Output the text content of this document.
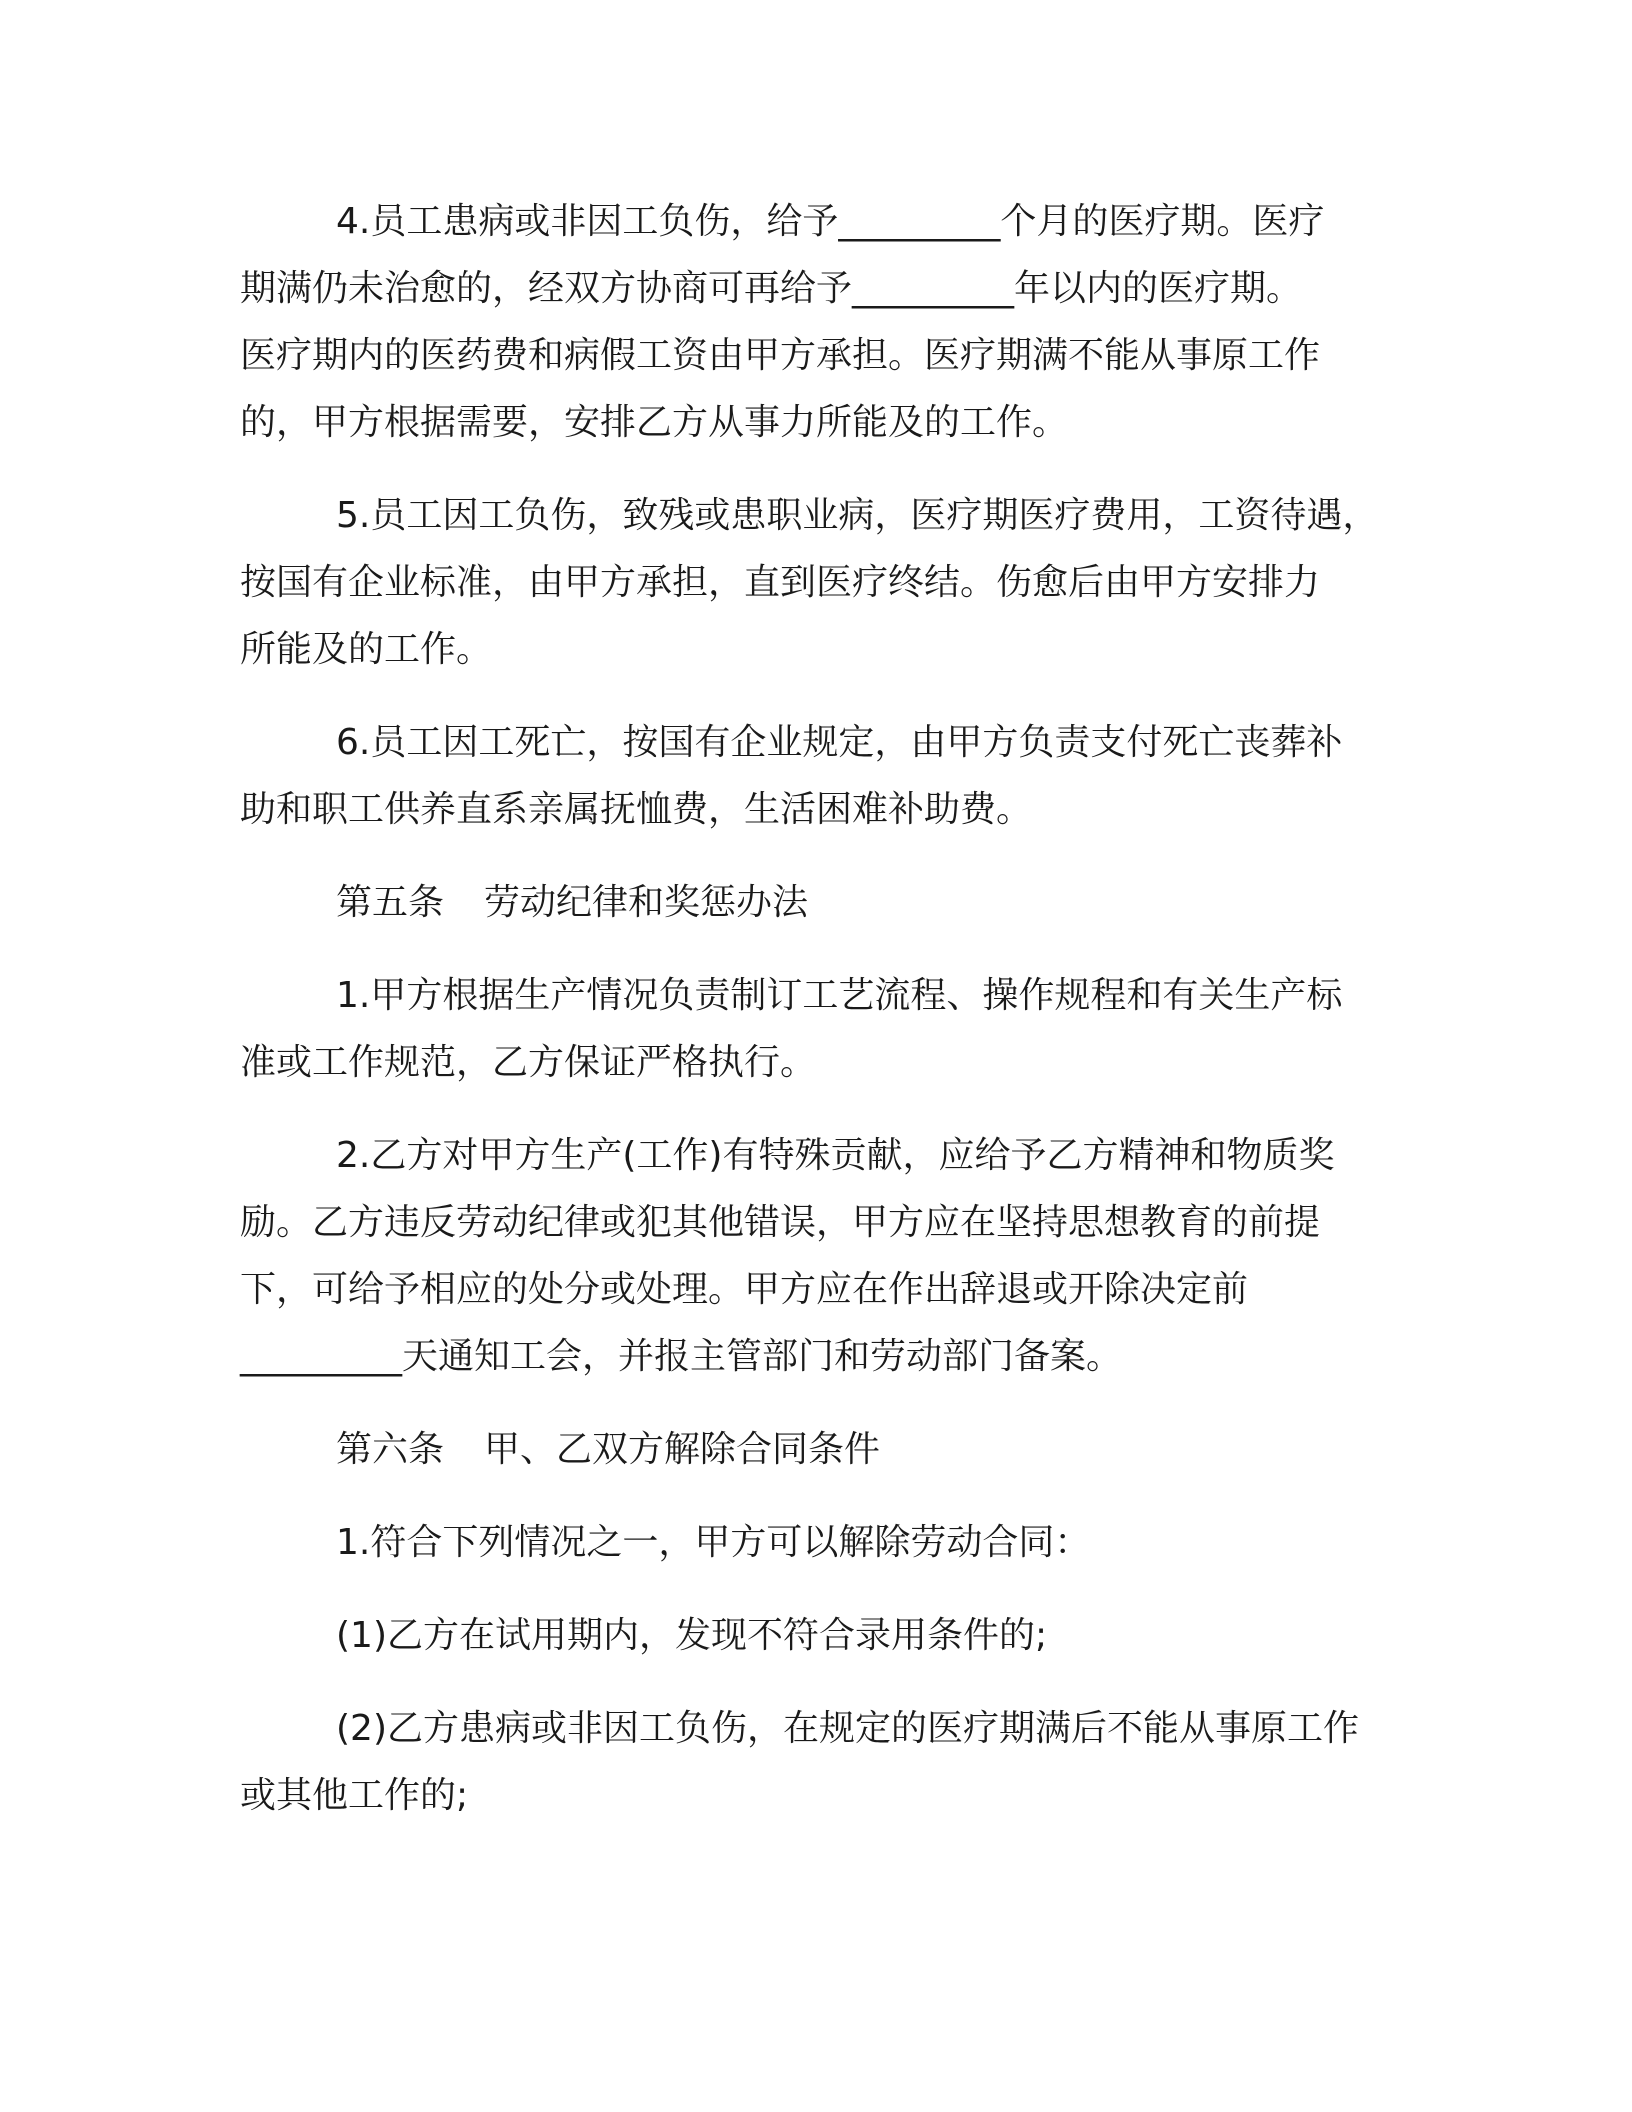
4.员工患病或非因工负伤，给予_________个月的医疗期。医疗
期满仍未治愈的，经双方协商可再给予_________年以内的医疗期。
医疗期内的医药费和病假工资由甲方承担。医疗期满不能从事原工作
的，甲方根据需要，安排乙方从事力所能及的工作。

5.员工因工负伤，致残或患职业病，医疗期医疗费用，工资待遇，
按国有企业标准，由甲方承担，直到医疗终结。伤愈后由甲方安排力
所能及的工作。

6.员工因工死亡，按国有企业规定，由甲方负责支付死亡丧葬补
助和职工供养直系亲属抚恤费，生活困难补助费。

第五条 劳动纪律和奖惩办法

1.甲方根据生产情况负责制订工艺流程、操作规程和有关生产标
准或工作规范，乙方保证严格执行。

2.乙方对甲方生产(工作)有特殊贡献，应给予乙方精神和物质奖
励。乙方违反劳动纪律或犯其他错误，甲方应在坚持思想教育的前提
下，可给予相应的处分或处理。甲方应在作出辞退或开除决定前
_________天通知工会，并报主管部门和劳动部门备案。

第六条 甲、乙双方解除合同条件

1.符合下列情况之一，甲方可以解除劳动合同：

(1)乙方在试用期内，发现不符合录用条件的;

(2)乙方患病或非因工负伤，在规定的医疗期满后不能从事原工作
或其他工作的;
